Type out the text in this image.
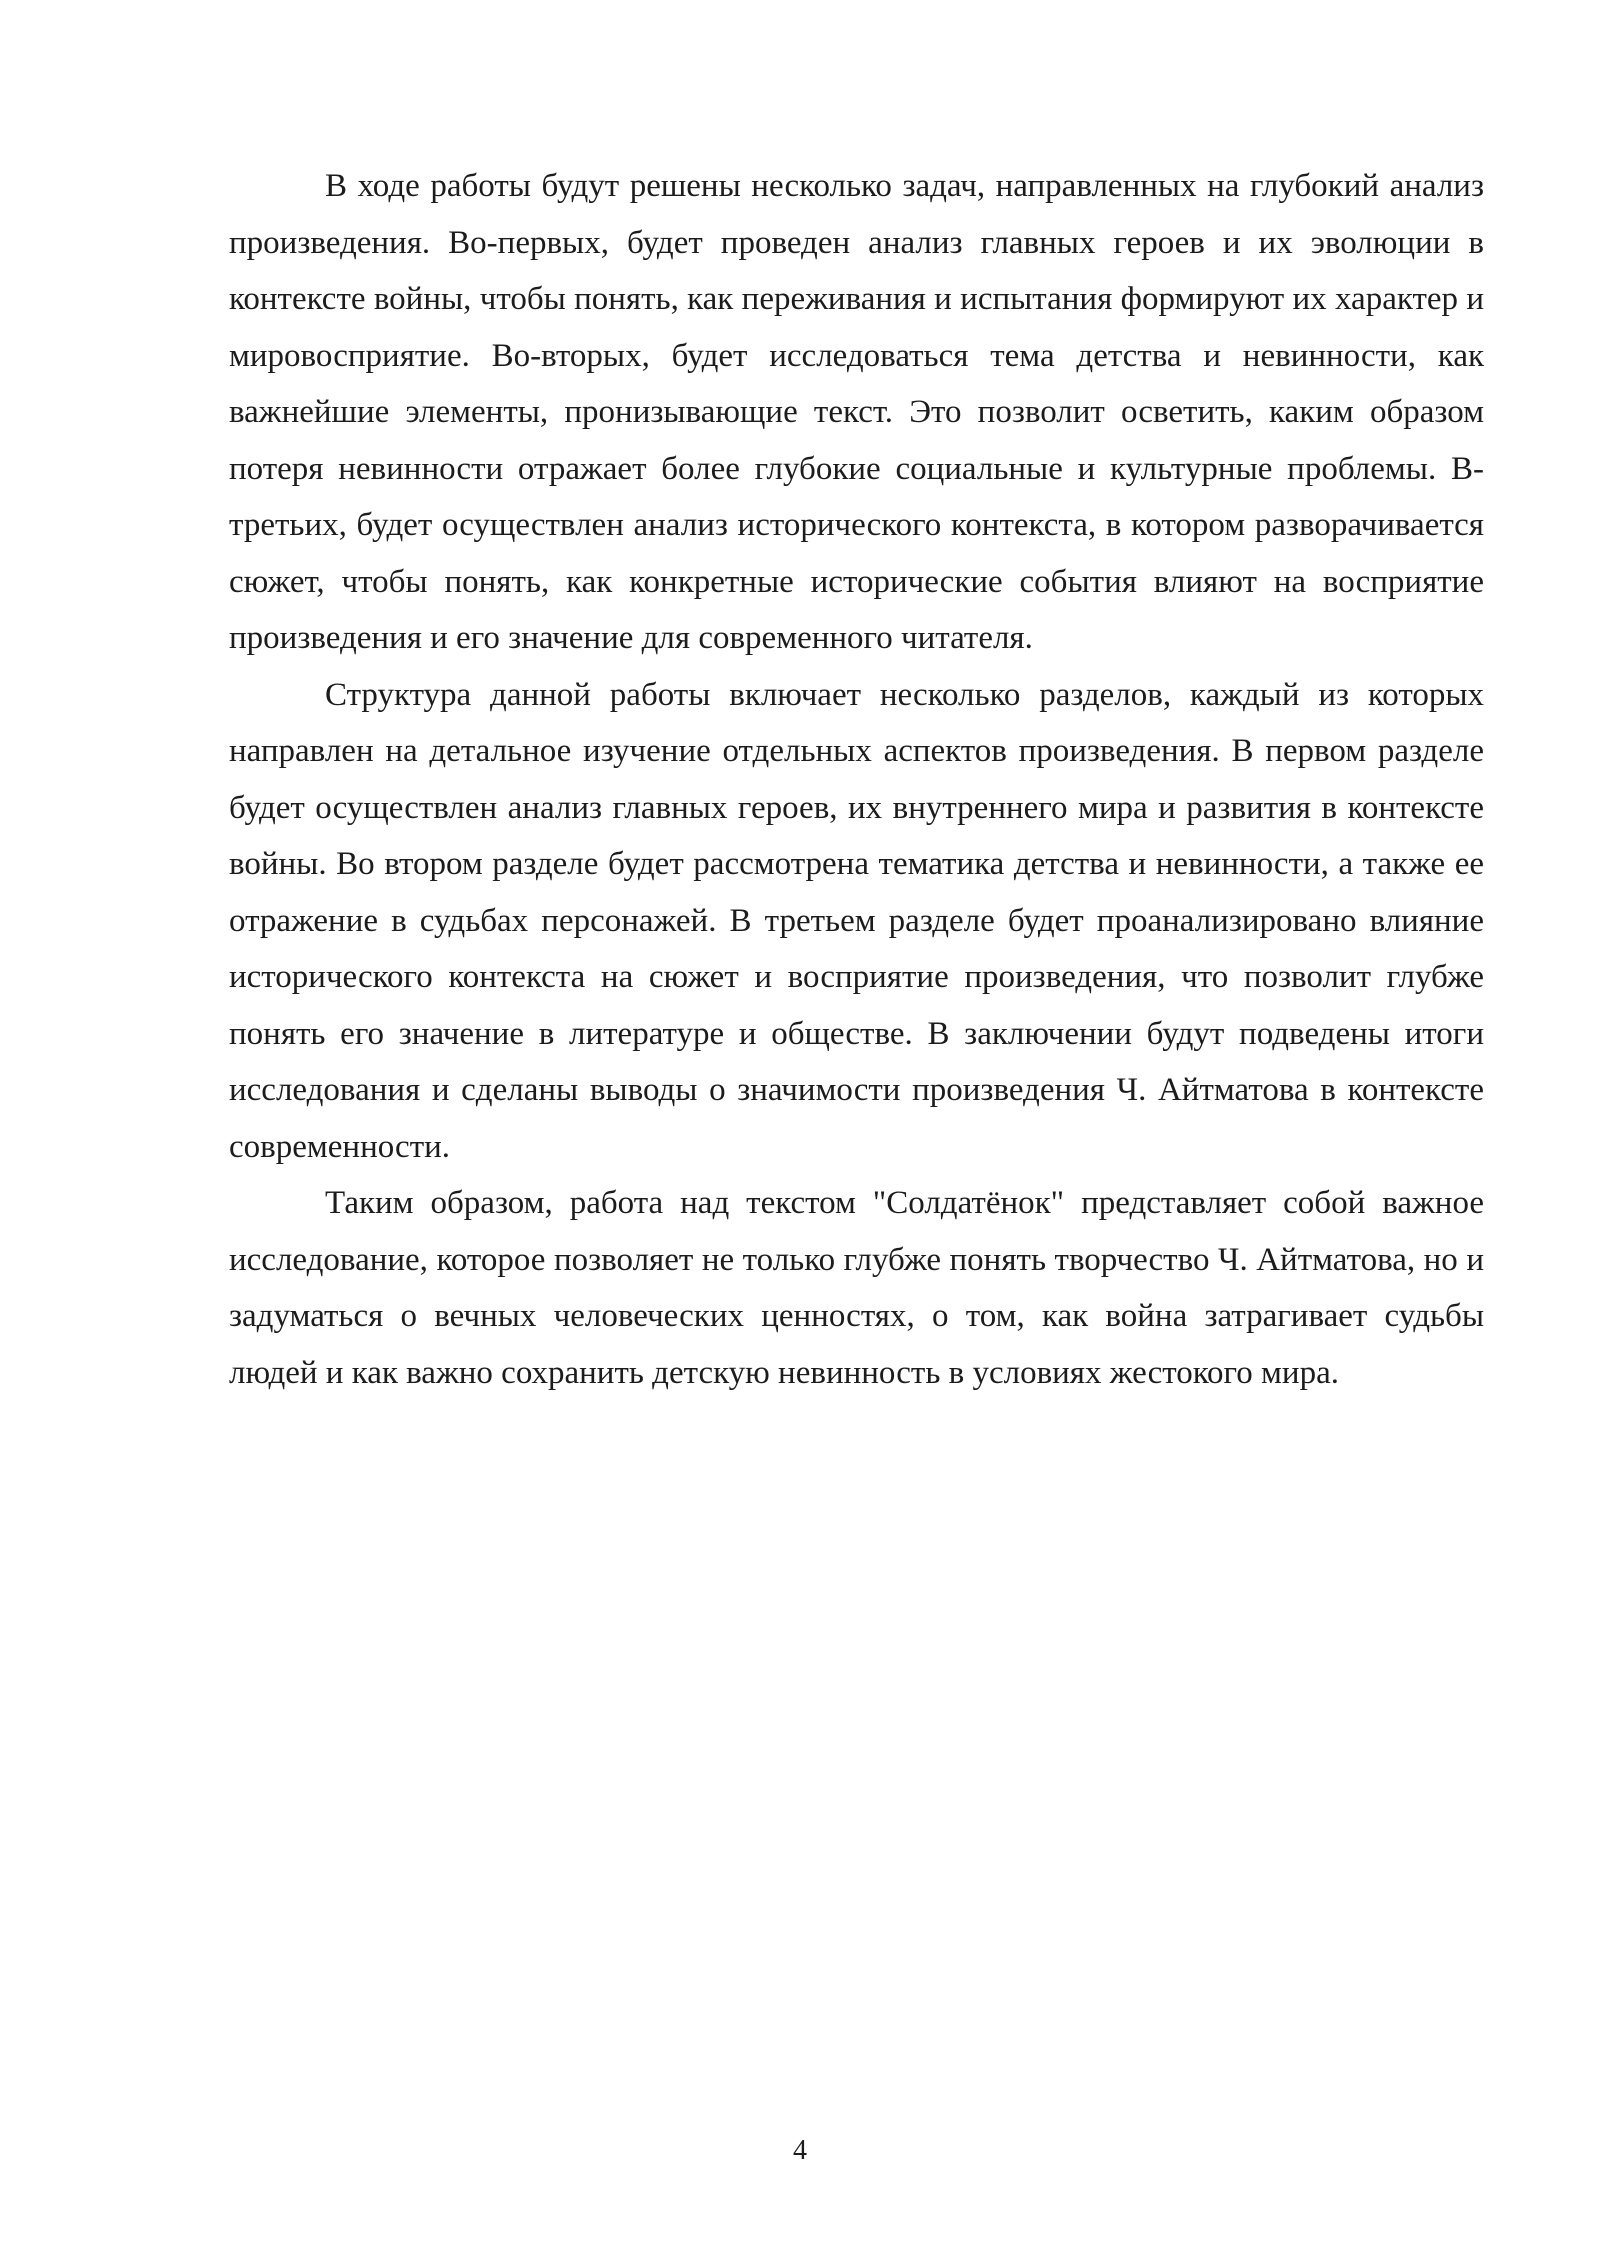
В ходе работы будут решены несколько задач, направленных на глубокий анализ произведения. Во-первых, будет проведен анализ главных героев и их эволюции в контексте войны, чтобы понять, как переживания и испытания формируют их характер и мировосприятие. Во-вторых, будет исследоваться тема детства и невинности, как важнейшие элементы, пронизывающие текст. Это позволит осветить, каким образом потеря невинности отражает более глубокие социальные и культурные проблемы. В-третьих, будет осуществлен анализ исторического контекста, в котором разворачивается сюжет, чтобы понять, как конкретные исторические события влияют на восприятие произведения и его значение для современного читателя.

Структура данной работы включает несколько разделов, каждый из которых направлен на детальное изучение отдельных аспектов произведения. В первом разделе будет осуществлен анализ главных героев, их внутреннего мира и развития в контексте войны. Во втором разделе будет рассмотрена тематика детства и невинности, а также ее отражение в судьбах персонажей. В третьем разделе будет проанализировано влияние исторического контекста на сюжет и восприятие произведения, что позволит глубже понять его значение в литературе и обществе. В заключении будут подведены итоги исследования и сделаны выводы о значимости произведения Ч. Айтматова в контексте современности.

Таким образом, работа над текстом "Солдатёнок" представляет собой важное исследование, которое позволяет не только глубже понять творчество Ч. Айтматова, но и задуматься о вечных человеческих ценностях, о том, как война затрагивает судьбы людей и как важно сохранить детскую невинность в условиях жестокого мира.

4
